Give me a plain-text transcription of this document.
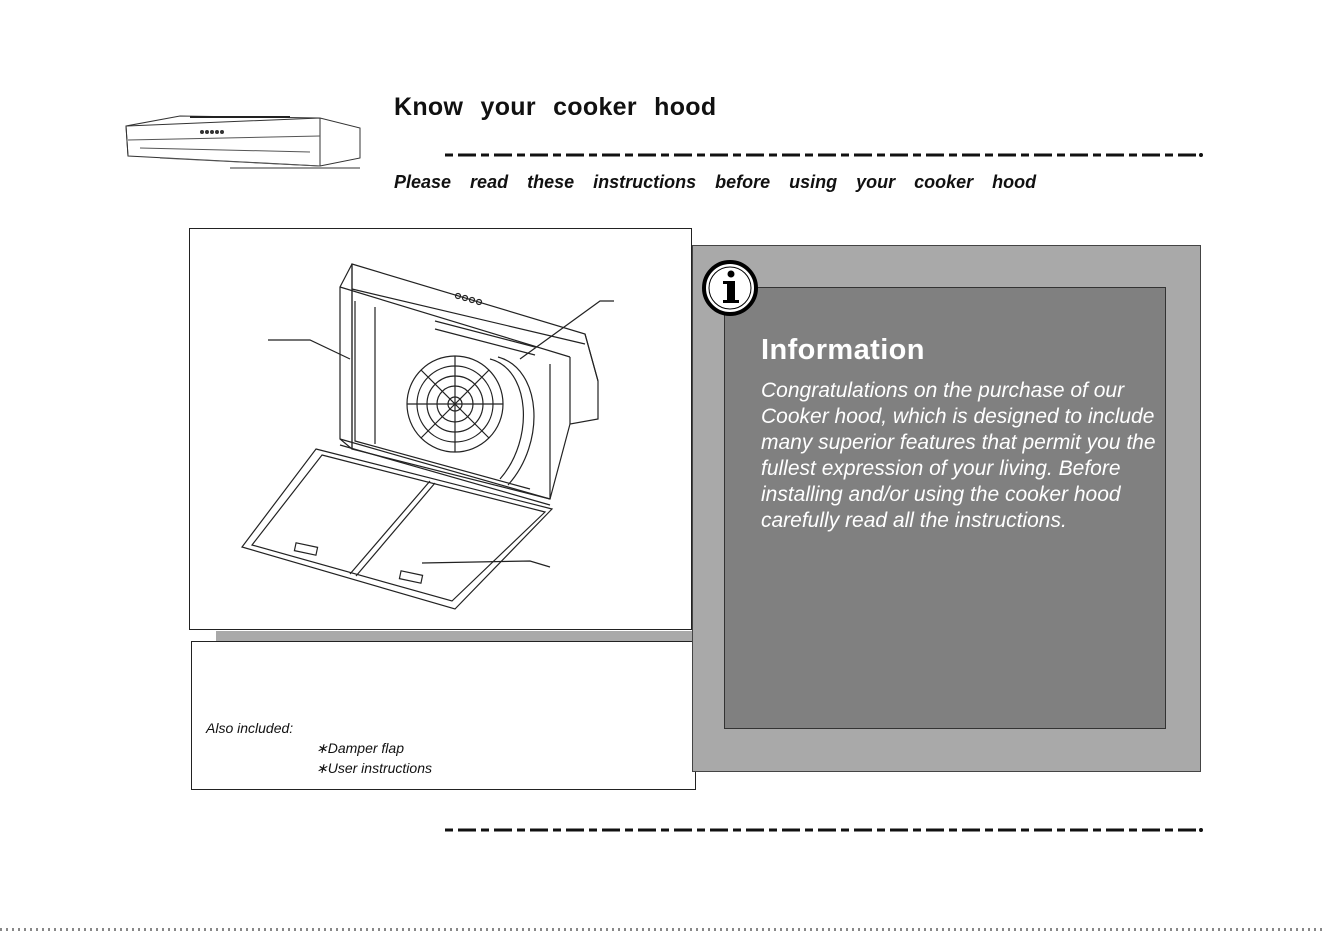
Know your cooker hood

Please read these instructions before using your cooker hood

Also included:
∗Damper flap
∗User instructions
Information

Congratulations on the purchase of our Cooker hood, which is designed to include many superior features that permit you the fullest expression of your living. Before installing and/or using the cooker hood carefully read all the instructions.
